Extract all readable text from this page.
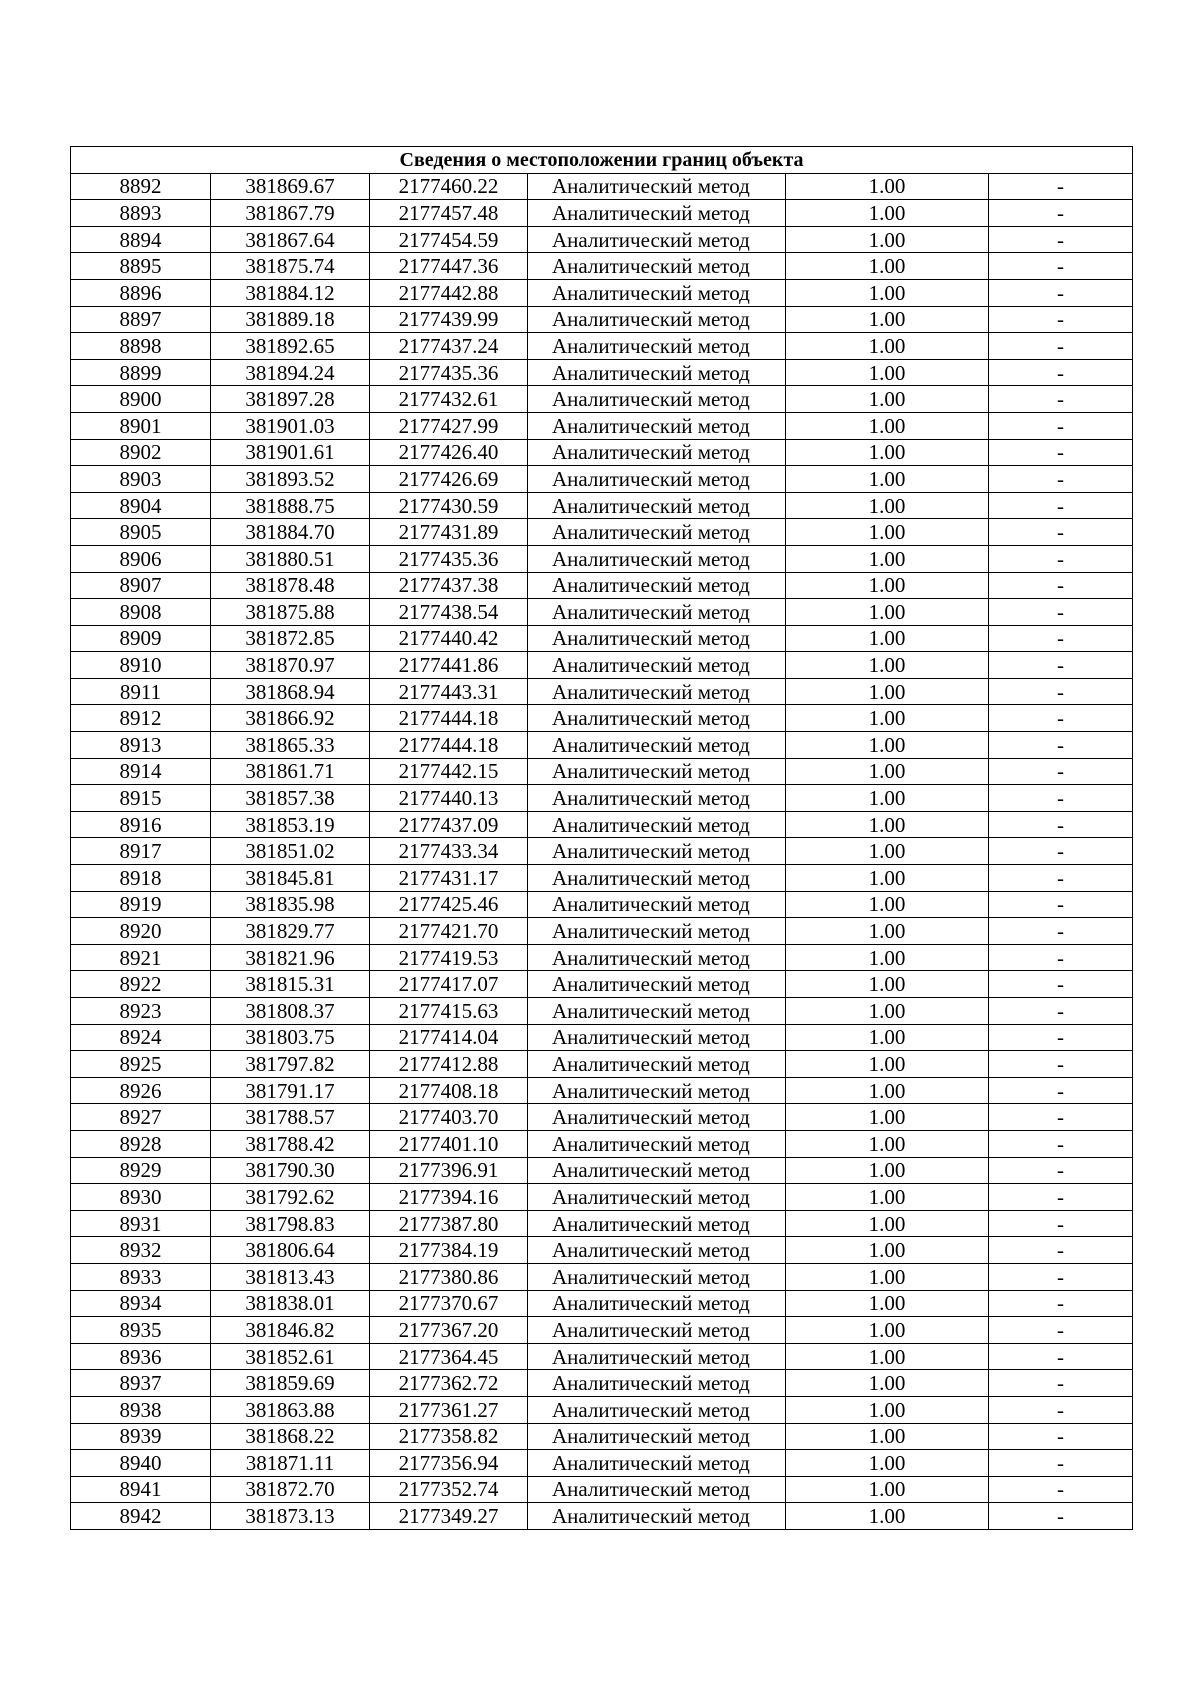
Сведения о местоположении границ объекта					
8892	381869.67	2177460.22	Аналитический метод	1.00	-
8893	381867.79	2177457.48	Аналитический метод	1.00	-
8894	381867.64	2177454.59	Аналитический метод	1.00	-
8895	381875.74	2177447.36	Аналитический метод	1.00	-
8896	381884.12	2177442.88	Аналитический метод	1.00	-
8897	381889.18	2177439.99	Аналитический метод	1.00	-
8898	381892.65	2177437.24	Аналитический метод	1.00	-
8899	381894.24	2177435.36	Аналитический метод	1.00	-
8900	381897.28	2177432.61	Аналитический метод	1.00	-
8901	381901.03	2177427.99	Аналитический метод	1.00	-
8902	381901.61	2177426.40	Аналитический метод	1.00	-
8903	381893.52	2177426.69	Аналитический метод	1.00	-
8904	381888.75	2177430.59	Аналитический метод	1.00	-
8905	381884.70	2177431.89	Аналитический метод	1.00	-
8906	381880.51	2177435.36	Аналитический метод	1.00	-
8907	381878.48	2177437.38	Аналитический метод	1.00	-
8908	381875.88	2177438.54	Аналитический метод	1.00	-
8909	381872.85	2177440.42	Аналитический метод	1.00	-
8910	381870.97	2177441.86	Аналитический метод	1.00	-
8911	381868.94	2177443.31	Аналитический метод	1.00	-
8912	381866.92	2177444.18	Аналитический метод	1.00	-
8913	381865.33	2177444.18	Аналитический метод	1.00	-
8914	381861.71	2177442.15	Аналитический метод	1.00	-
8915	381857.38	2177440.13	Аналитический метод	1.00	-
8916	381853.19	2177437.09	Аналитический метод	1.00	-
8917	381851.02	2177433.34	Аналитический метод	1.00	-
8918	381845.81	2177431.17	Аналитический метод	1.00	-
8919	381835.98	2177425.46	Аналитический метод	1.00	-
8920	381829.77	2177421.70	Аналитический метод	1.00	-
8921	381821.96	2177419.53	Аналитический метод	1.00	-
8922	381815.31	2177417.07	Аналитический метод	1.00	-
8923	381808.37	2177415.63	Аналитический метод	1.00	-
8924	381803.75	2177414.04	Аналитический метод	1.00	-
8925	381797.82	2177412.88	Аналитический метод	1.00	-
8926	381791.17	2177408.18	Аналитический метод	1.00	-
8927	381788.57	2177403.70	Аналитический метод	1.00	-
8928	381788.42	2177401.10	Аналитический метод	1.00	-
8929	381790.30	2177396.91	Аналитический метод	1.00	-
8930	381792.62	2177394.16	Аналитический метод	1.00	-
8931	381798.83	2177387.80	Аналитический метод	1.00	-
8932	381806.64	2177384.19	Аналитический метод	1.00	-
8933	381813.43	2177380.86	Аналитический метод	1.00	-
8934	381838.01	2177370.67	Аналитический метод	1.00	-
8935	381846.82	2177367.20	Аналитический метод	1.00	-
8936	381852.61	2177364.45	Аналитический метод	1.00	-
8937	381859.69	2177362.72	Аналитический метод	1.00	-
8938	381863.88	2177361.27	Аналитический метод	1.00	-
8939	381868.22	2177358.82	Аналитический метод	1.00	-
8940	381871.11	2177356.94	Аналитический метод	1.00	-
8941	381872.70	2177352.74	Аналитический метод	1.00	-
8942	381873.13	2177349.27	Аналитический метод	1.00	-
